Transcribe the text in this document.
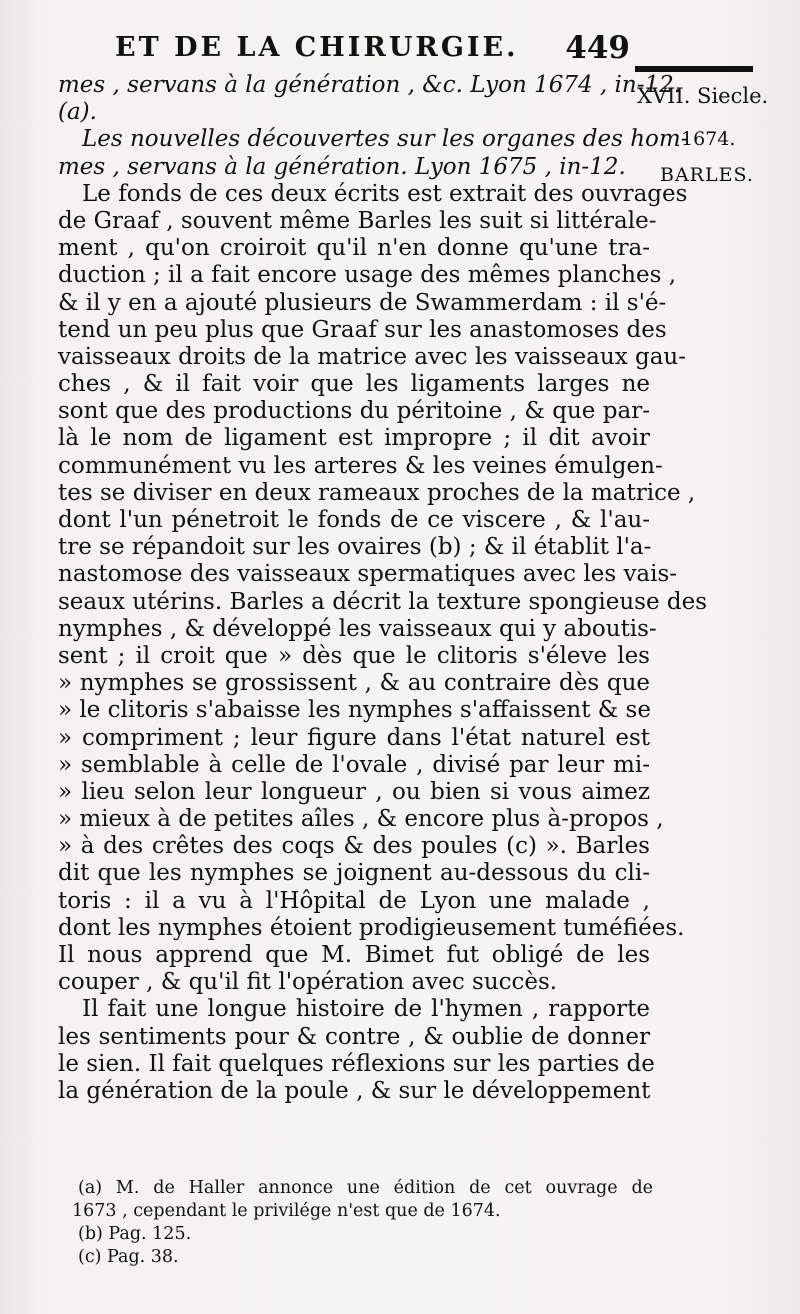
ET DE LA CHIRURGIE. 449
XVII. Siecle.
1674.
BARLES.
mes , servans à la génération , &c. Lyon 1674 , in-12.
(a).
Les nouvelles découvertes sur les organes des hom-
mes , servans à la génération. Lyon 1675 , in-12.
Le fonds de ces deux écrits est extrait des ouvrages
de Graaf , souvent même Barles les suit si littérale-
ment , qu'on croiroit qu'il n'en donne qu'une tra-
duction ; il a fait encore usage des mêmes planches ,
& il y en a ajouté plusieurs de Swammerdam : il s'é-
tend un peu plus que Graaf sur les anastomoses des
vaisseaux droits de la matrice avec les vaisseaux gau-
ches , & il fait voir que les ligaments larges ne
sont que des productions du péritoine , & que par-
là le nom de ligament est impropre ; il dit avoir
communément vu les arteres & les veines émulgen-
tes se diviser en deux rameaux proches de la matrice ,
dont l'un pénetroit le fonds de ce viscere , & l'au-
tre se répandoit sur les ovaires (b) ; & il établit l'a-
nastomose des vaisseaux spermatiques avec les vais-
seaux utérins. Barles a décrit la texture spongieuse des
nymphes , & développé les vaisseaux qui y aboutis-
sent ; il croit que » dès que le clitoris s'éleve les
» nymphes se grossissent , & au contraire dès que
» le clitoris s'abaisse les nymphes s'affaissent & se
» compriment ; leur figure dans l'état naturel est
» semblable à celle de l'ovale , divisé par leur mi-
» lieu selon leur longueur , ou bien si vous aimez
» mieux à de petites aîles , & encore plus à-propos ,
» à des crêtes des coqs & des poules (c) ». Barles
dit que les nymphes se joignent au-dessous du cli-
toris : il a vu à l'Hôpital de Lyon une malade ,
dont les nymphes étoient prodigieusement tuméfiées.
Il nous apprend que M. Bimet fut obligé de les
couper , & qu'il fit l'opération avec succès.
Il fait une longue histoire de l'hymen , rapporte
les sentiments pour & contre , & oublie de donner
le sien. Il fait quelques réflexions sur les parties de
la génération de la poule , & sur le développement
(a) M. de Haller annonce une édition de cet ouvrage de
1673 , cependant le privilége n'est que de 1674.
(b) Pag. 125.
(c) Pag. 38.
